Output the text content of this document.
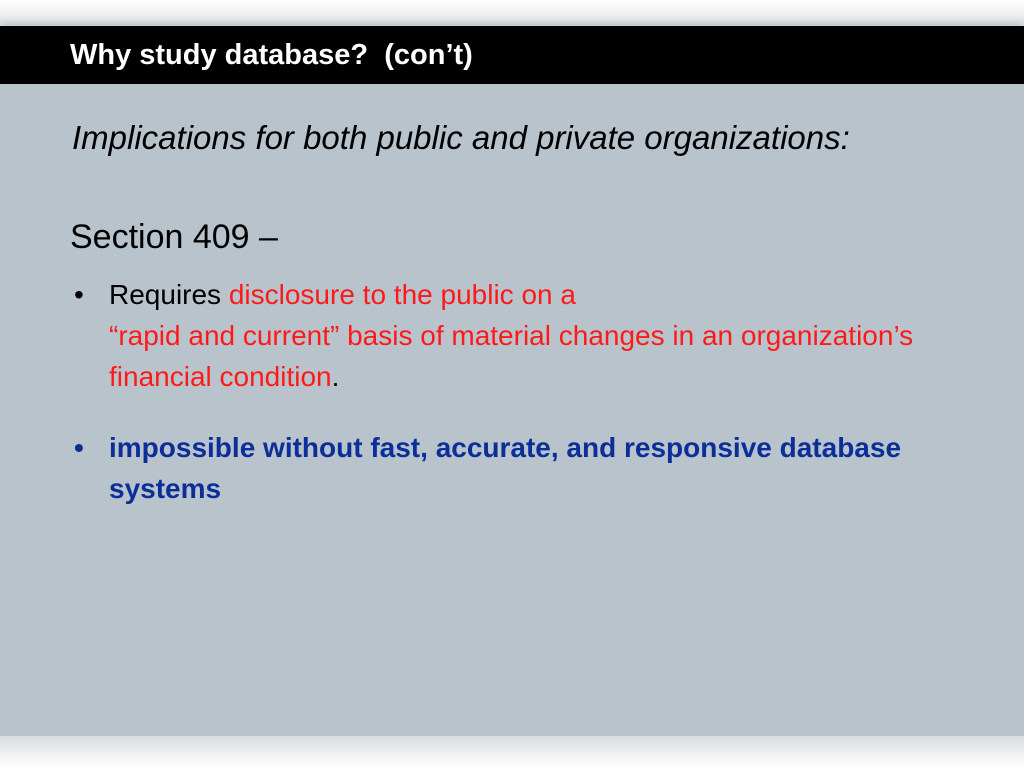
Why study database?  (con’t)
Implications for both public and private organizations:
Section 409 –
• Requires disclosure to the public on a
“rapid and current” basis of material changes in an organization’s financial condition.
• impossible without fast, accurate, and responsive database systems
